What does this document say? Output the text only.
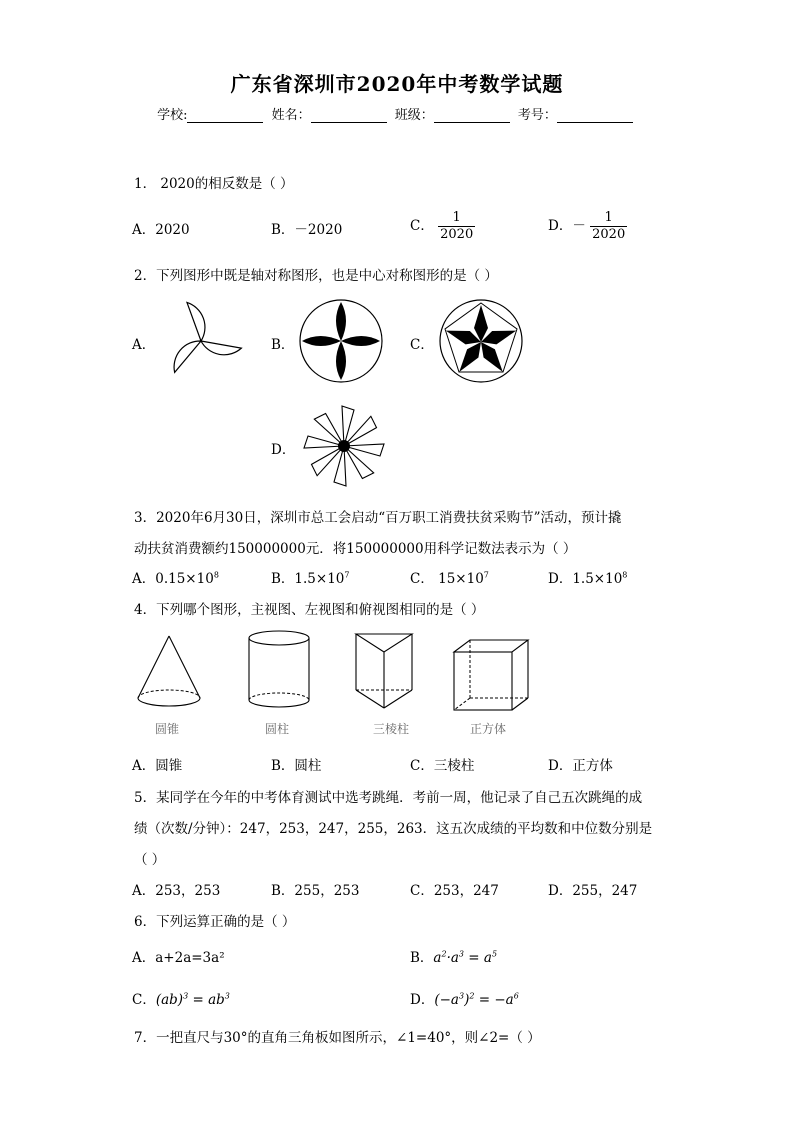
广东省深圳市2020年中考数学试题
学校:	姓名：	班级：	考号：
1． 2020的相反数是（ ）
A．2020	B．－2020	C． $\frac{1}{2020}$	D．－ $\frac{1}{2020}$
2．下列图形中既是轴对称图形，也是中心对称图形的是（ ）
A．	B．	C．
D．
3．2020年6月30日，深圳市总工会启动“百万职工消费扶贫采购节”活动，预计撬
动扶贫消费额约150000000元．将150000000用科学记数法表示为（ ）
A．$0.15\times 10^8$	B．$1.5\times 10^7$	C． $15\times 10^7$	D．$1.5\times 10^8$
4．下列哪个图形，主视图、左视图和俯视图相同的是（ ）
圆锥	圆柱	三棱柱	正方体
A．圆锥	B．圆柱	C．三棱柱	D．正方体
5．某同学在今年的中考体育测试中选考跳绳．考前一周，他记录了自己五次跳绳的成
绩（次数/分钟）：247，253，247，255，263．这五次成绩的平均数和中位数分别是
（ ）
A．253，253	B．255，253	C．253，247	D．255，247
6．下列运算正确的是（ ）
A．a+2a=3a²	B．$a^2\cdot a^3 = a^5$
C．$(ab)^3 = ab^3$	D．$(-a^3)^2 = -a^6$
7．一把直尺与30°的直角三角板如图所示，∠1=40°，则∠2=（ ）
